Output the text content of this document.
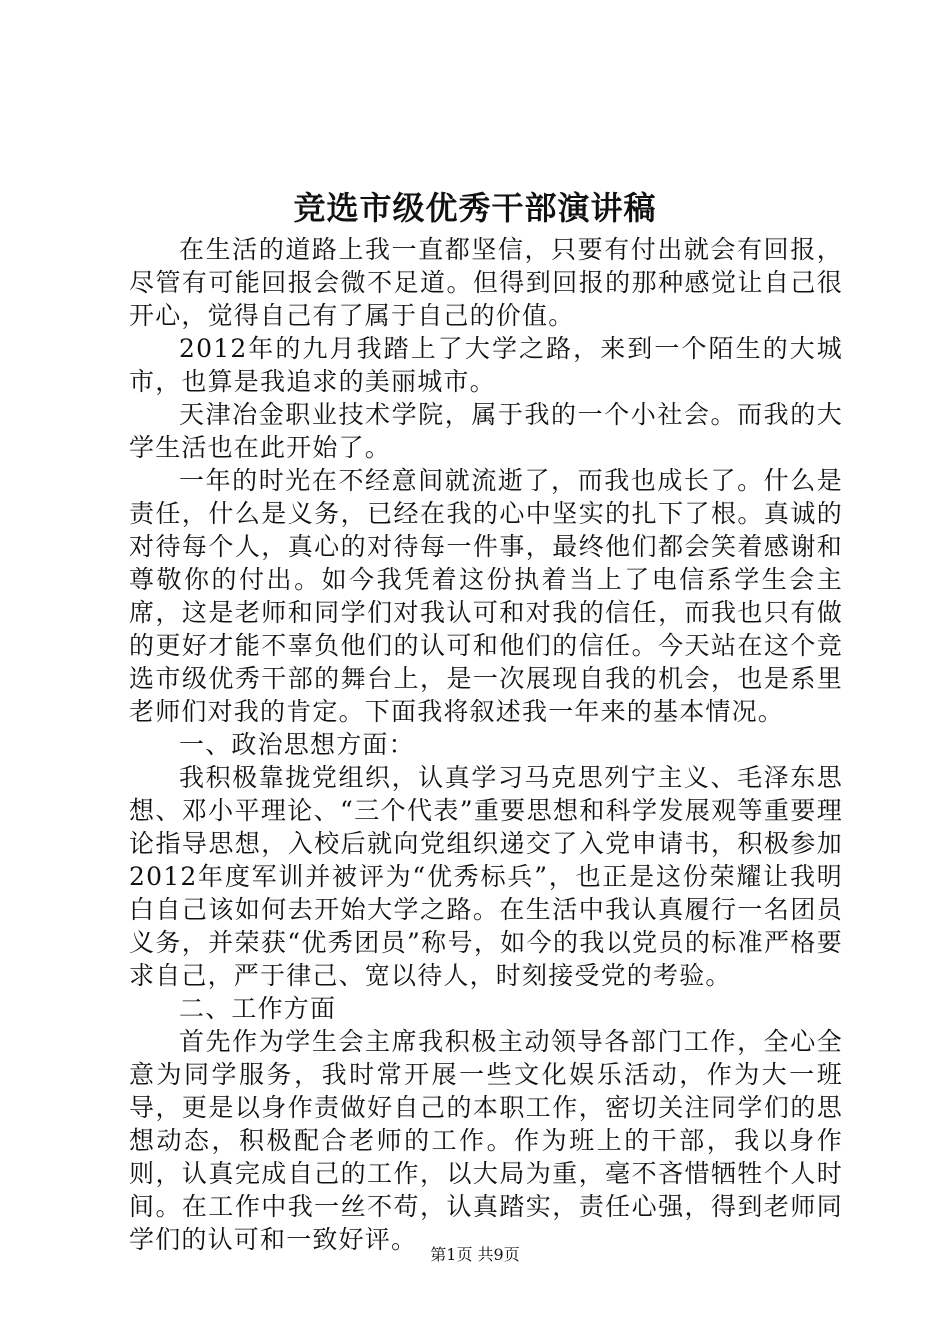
竞选市级优秀干部演讲稿

在生活的道路上我一直都坚信，只要有付出就会有回报，尽管有可能回报会微不足道。但得到回报的那种感觉让自己很开心，觉得自己有了属于自己的价值。

2012年的九月我踏上了大学之路，来到一个陌生的大城市，也算是我追求的美丽城市。

天津冶金职业技术学院，属于我的一个小社会。而我的大学生活也在此开始了。

一年的时光在不经意间就流逝了，而我也成长了。什么是责任，什么是义务，已经在我的心中坚实的扎下了根。真诚的对待每个人，真心的对待每一件事，最终他们都会笑着感谢和尊敬你的付出。如今我凭着这份执着当上了电信系学生会主席，这是老师和同学们对我认可和对我的信任，而我也只有做的更好才能不辜负他们的认可和他们的信任。今天站在这个竞选市级优秀干部的舞台上，是一次展现自我的机会，也是系里老师们对我的肯定。下面我将叙述我一年来的基本情况。

一、政治思想方面：

我积极靠拢党组织，认真学习马克思列宁主义、毛泽东思想、邓小平理论、“三个代表”重要思想和科学发展观等重要理论指导思想，入校后就向党组织递交了入党申请书，积极参加2012年度军训并被评为“优秀标兵”，也正是这份荣耀让我明白自己该如何去开始大学之路。在生活中我认真履行一名团员义务，并荣获“优秀团员”称号，如今的我以党员的标准严格要求自己，严于律己、宽以待人，时刻接受党的考验。

二、工作方面

首先作为学生会主席我积极主动领导各部门工作，全心全意为同学服务，我时常开展一些文化娱乐活动，作为大一班导，更是以身作责做好自己的本职工作，密切关注同学们的思想动态，积极配合老师的工作。作为班上的干部，我以身作则，认真完成自己的工作，以大局为重，毫不吝惜牺牲个人时间。在工作中我一丝不苟，认真踏实，责任心强，得到老师同学们的认可和一致好评。

第1页 共9页
